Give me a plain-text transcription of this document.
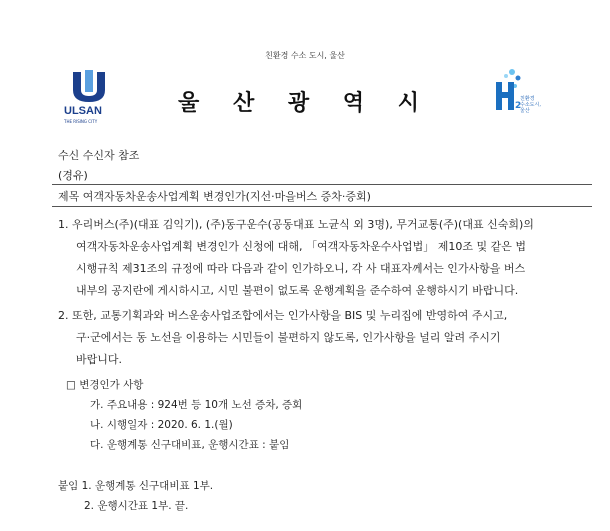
친환경 수소 도시, 울산
ULSAN
THE RISING CITY
울 산 광 역 시	2
친환경
수소도시,
울산
수신 수신자 참조
(경유)
제목 여객자동차운송사업계획 변경인가(지선·마을버스 증차·증회)
1. 우리버스(주)(대표 김익기), (주)동구운수(공동대표 노균식 외 3명), 무거교통(주)(대표 신숙희)의
여객자동차운송사업계획 변경인가 신청에 대해, 「여객자동차운수사업법」 제10조 및 같은 법
시행규칙 제31조의 규정에 따라 다음과 같이 인가하오니, 각 사 대표자께서는 인가사항을 버스
내부의 공지란에 게시하시고, 시민 불편이 없도록 운행계획을 준수하여 운행하시기 바랍니다.
2. 또한, 교통기획과와 버스운송사업조합에서는 인가사항을 BIS 및 누리집에 반영하여 주시고,
구·군에서는 동 노선을 이용하는 시민들이 불편하지 않도록, 인가사항을 널리 알려 주시기
바랍니다.
□ 변경인가 사항
가. 주요내용 : 924번 등 10개 노선 증차, 증회
나. 시행일자 : 2020. 6. 1.(월)
다. 운행계통 신구대비표, 운행시간표 : 붙임
붙임 1. 운행계통 신구대비표 1부.
2. 운행시간표 1부. 끝.
